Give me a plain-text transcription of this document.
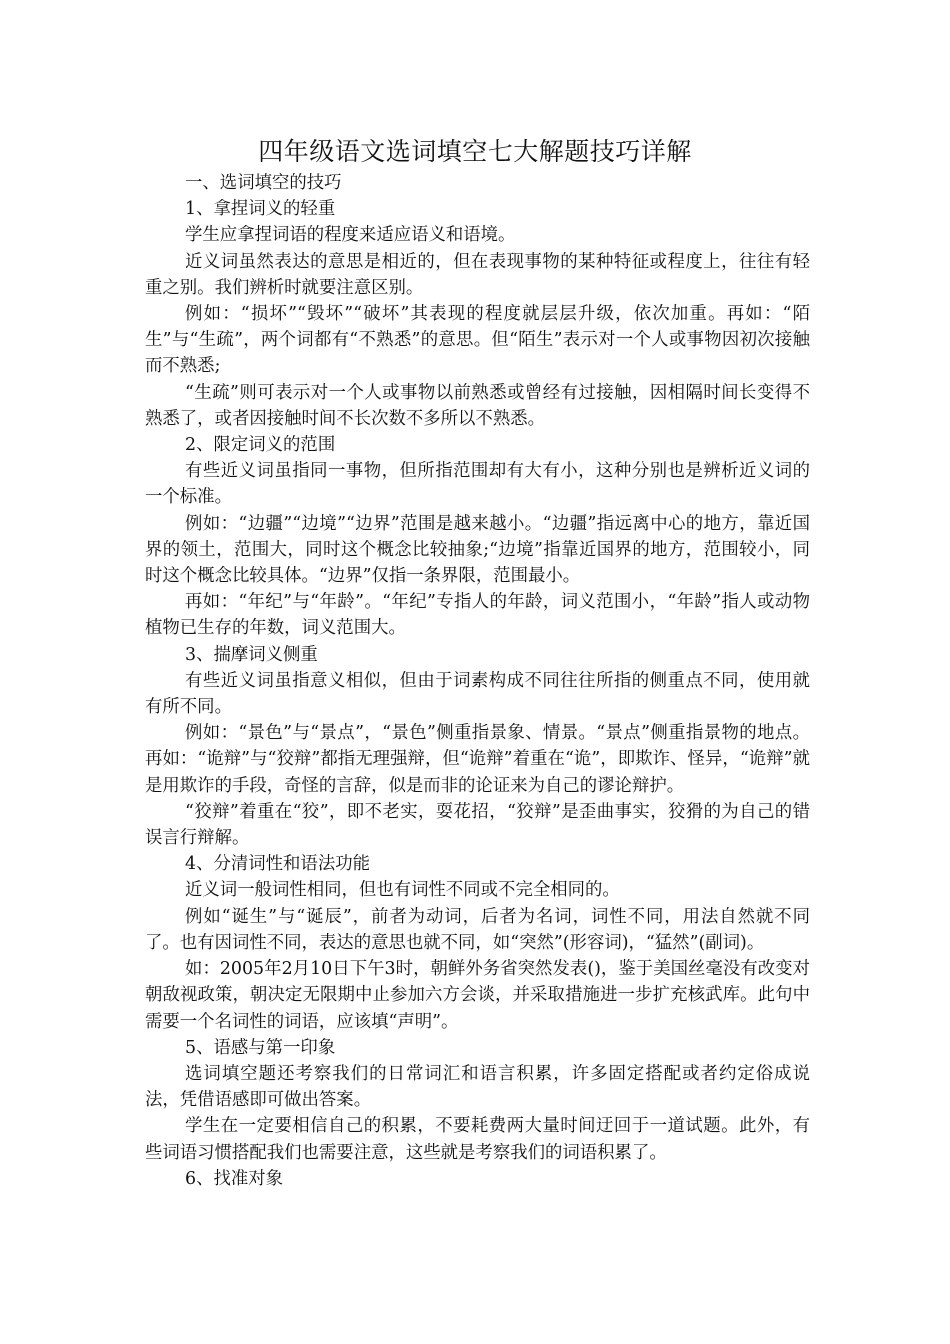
四年级语文选词填空七大解题技巧详解

一、选词填空的技巧

1、拿捏词义的轻重

学生应拿捏词语的程度来适应语义和语境。

近义词虽然表达的意思是相近的，但在表现事物的某种特征或程度上，往往有轻重之别。我们辨析时就要注意区别。

例如：“损坏”“毁坏”“破坏”其表现的程度就层层升级，依次加重。再如：“陌生”与“生疏”，两个词都有“不熟悉”的意思。但“陌生”表示对一个人或事物因初次接触而不熟悉;

“生疏”则可表示对一个人或事物以前熟悉或曾经有过接触，因相隔时间长变得不熟悉了，或者因接触时间不长次数不多所以不熟悉。

2、限定词义的范围

有些近义词虽指同一事物，但所指范围却有大有小，这种分别也是辨析近义词的一个标准。

例如：“边疆”“边境”“边界”范围是越来越小。“边疆”指远离中心的地方，靠近国界的领土，范围大，同时这个概念比较抽象;“边境”指靠近国界的地方，范围较小，同时这个概念比较具体。“边界”仅指一条界限，范围最小。

再如：“年纪”与“年龄”。“年纪”专指人的年龄，词义范围小，“年龄”指人或动物植物已生存的年数，词义范围大。

3、揣摩词义侧重

有些近义词虽指意义相似，但由于词素构成不同往往所指的侧重点不同，使用就有所不同。

例如：“景色”与“景点”，“景色”侧重指景象、情景。“景点”侧重指景物的地点。再如：“诡辩”与“狡辩”都指无理强辩，但“诡辩”着重在“诡”，即欺诈、怪异，“诡辩”就是用欺诈的手段，奇怪的言辞，似是而非的论证来为自己的谬论辩护。

“狡辩”着重在“狡”，即不老实，耍花招，“狡辩”是歪曲事实，狡猾的为自己的错误言行辩解。

4、分清词性和语法功能

近义词一般词性相同，但也有词性不同或不完全相同的。

例如“诞生”与“诞辰”，前者为动词，后者为名词，词性不同，用法自然就不同了。也有因词性不同，表达的意思也就不同，如“突然”(形容词)，“猛然”(副词)。

如：2005年2月10日下午3时，朝鲜外务省突然发表()，鉴于美国丝毫没有改变对朝敌视政策，朝决定无限期中止参加六方会谈，并采取措施进一步扩充核武库。此句中需要一个名词性的词语，应该填“声明”。

5、语感与第一印象

选词填空题还考察我们的日常词汇和语言积累，许多固定搭配或者约定俗成说法，凭借语感即可做出答案。

学生在一定要相信自己的积累，不要耗费两大量时间迂回于一道试题。此外，有些词语习惯搭配我们也需要注意，这些就是考察我们的词语积累了。

6、找准对象
